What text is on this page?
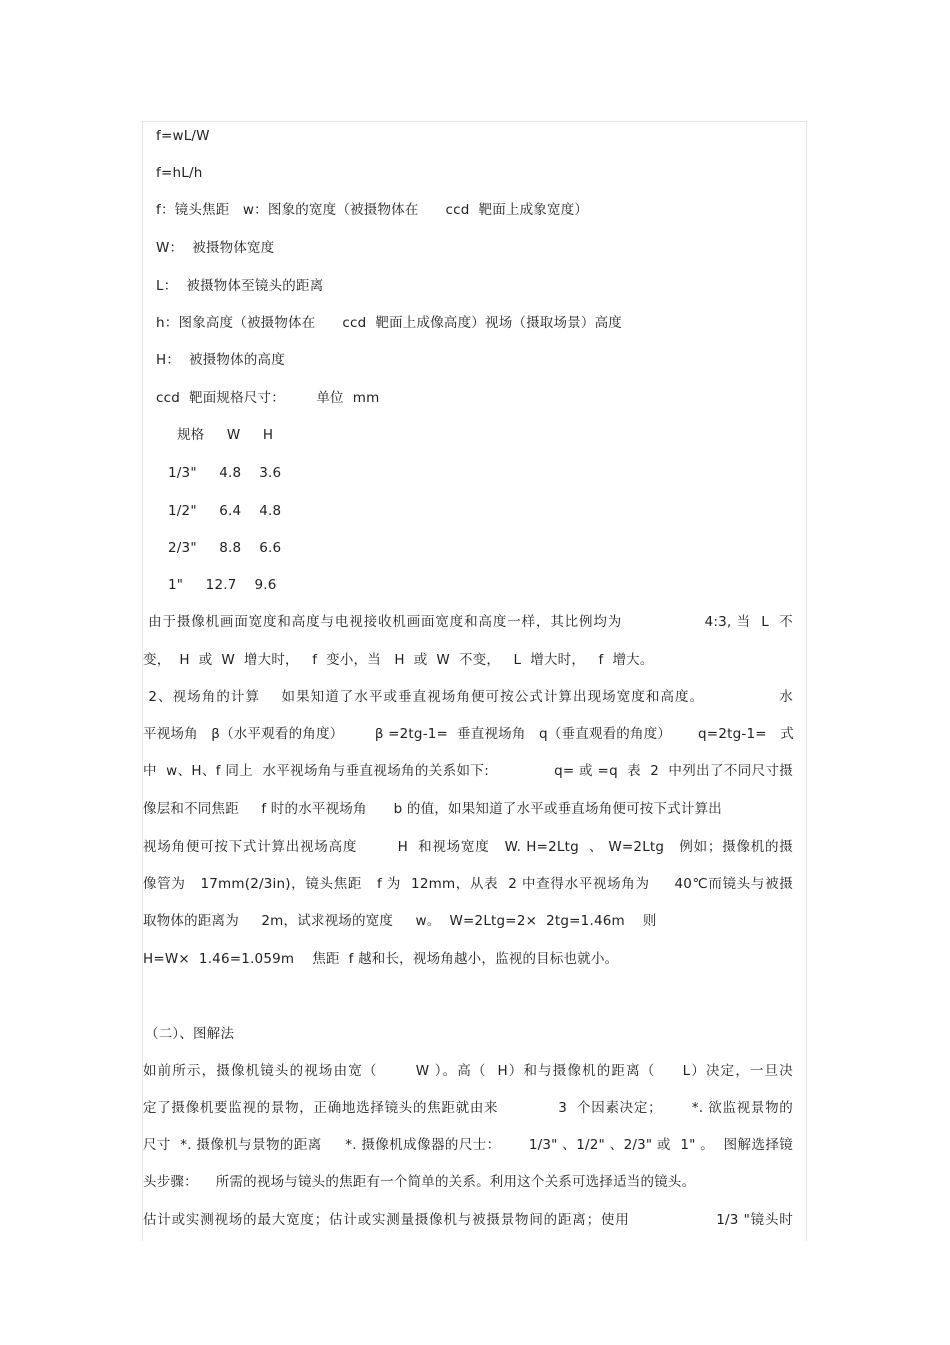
f=wL/W
f=hL/h
f：镜头焦距   w：图象的宽度（被摄物体在      ccd  靶面上成象宽度）
W：  被摄物体宽度
L：  被摄物体至镜头的距离
h：图象高度（被摄物体在      ccd  靶面上成像高度）视场（摄取场景）高度
H：  被摄物体的高度
ccd  靶面规格尺寸：       单位  mm
规格     W     H
1/3"     4.8    3.6
1/2"     6.4    4.8
2/3"     8.8    6.6
1"     12.7    9.6
由于摄像机画面宽度和高度与电视接收机画面宽度和高度一样，其比例均为                4:3, 当  L  不
变，  H  或  W  增大时，   f  变小，当   H  或  W  不变，   L  增大时，   f  增大。
2、视场角的计算    如果知道了水平或垂直视场角便可按公式计算出现场宽度和高度。              水
平视场角   β（水平观看的角度）       β =2tg-1=  垂直视场角   q（垂直观看的角度）      q=2tg-1=   式
中  w、H、f 同上  水平视场角与垂直视场角的关系如下:              q= 或 =q  表  2  中列出了不同尺寸摄
像层和不同焦距     f 时的水平视场角      b 的值，如果知道了水平或垂直场角便可按下式计算出
视场角便可按下式计算出视场高度        H  和视场宽度   W. H=2Ltg  、 W=2Ltg   例如；摄像机的摄
像管为   17mm(2/3in)，镜头焦距   f 为  12mm，从表  2 中查得水平视场角为     40℃而镜头与被摄
取物体的距离为     2m，试求视场的宽度     w。  W=2Ltg=2×  2tg=1.46m    则
H=W×  1.46=1.059m    焦距  f 越和长，视场角越小，监视的目标也就小。
（二）、图解法
如前所示，摄像机镜头的视场由宽（       W ）。高（  H）和与摄像机的距离（     L）决定，一旦决
定了摄像机要监视的景物，正确地选择镜头的焦距就由来            3  个因素决定；      *. 欲监视景物的
尺寸  *. 摄像机与景物的距离     *. 摄像机成像器的尺士：      1/3" 、1/2" 、2/3" 或  1" 。  图解选择镜
头步骤：    所需的视场与镜头的焦距有一个简单的关系。利用这个关系可选择适当的镜头。
估计或实测视场的最大宽度；估计或实测量摄像机与被摄景物间的距离；使用                 1/3 "镜头时
